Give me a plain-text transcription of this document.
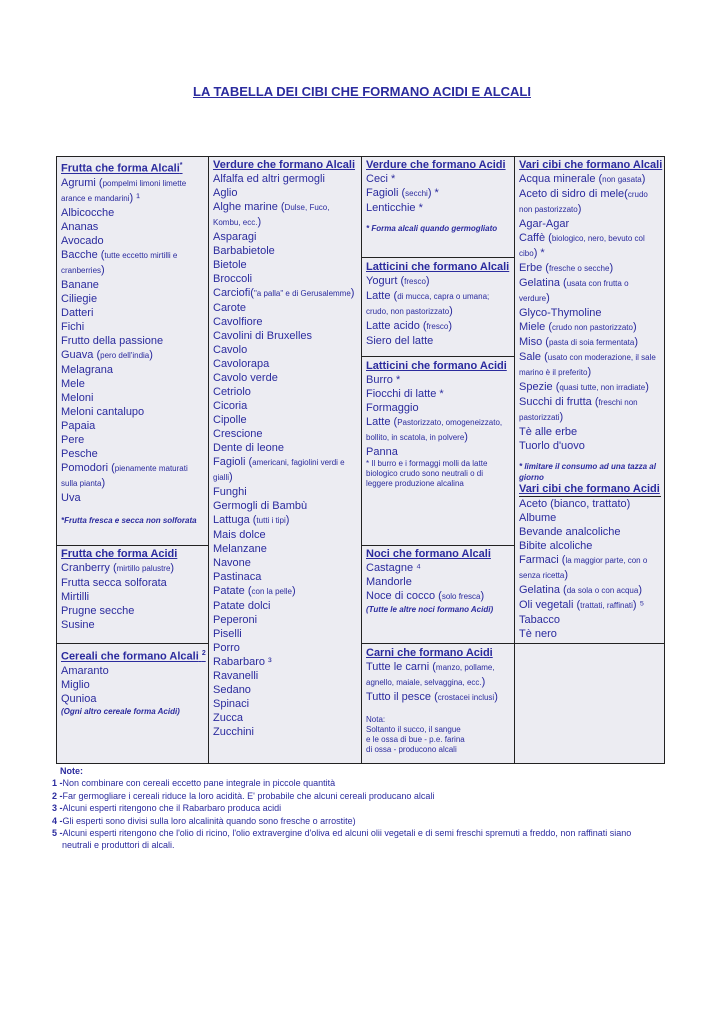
LA TABELLA DEI CIBI CHE FORMANO ACIDI E ALCALI
Frutta che forma Alcali*
Agrumi (pompelmi limoni limette arance e mandarini) ¹
Albicocche
Ananas
Avocado
Bacche (tutte eccetto mirtilli e cranberries)
Banane
Ciliegie
Datteri
Fichi
Frutto della passione
Guava (pero dell'india)
Melagrana
Mele
Meloni
Meloni cantalupo
Papaia
Pere
Pesche
Pomodori (pienamente maturati sulla pianta)
Uva
*Frutta fresca e secca non solforata
Frutta che forma Acidi
Cranberry (mirtillo palustre)
Frutta secca solforata
Mirtilli
Prugne secche
Susine
Cereali che formano Alcali $^2$
Amaranto
Miglio
Qunioa
(Ogni altro cereale forma Acidi)
Verdure che formano Alcali
Alfalfa ed altri germogli
Aglio
Alghe marine (Dulse, Fuco, Kombu, ecc.)
Asparagi
Barbabietole
Bietole
Broccoli
Carciofi("a palla" e di Gerusalemme)
Carote
Cavolfiore
Cavolini di Bruxelles
Cavolo
Cavolorapa
Cavolo verde
Cetriolo
Cicoria
Cipolle
Crescione
Dente di leone
Fagioli (americani, fagiolini verdi e gialli)
Funghi
Germogli di Bambù
Lattuga (tutti i tipi)
Mais dolce
Melanzane
Navone
Pastinaca
Patate (con la pelle)
Patate dolci
Peperoni
Piselli
Porro
Rabarbaro ³
Ravanelli
Sedano
Spinaci
Zucca
Zucchini
Verdure che formano Acidi
Ceci *
Fagioli (secchi) *
Lenticchie *
* Forma alcali quando germogliato
Latticini che formano Alcali
Yogurt (fresco)
Latte (di mucca, capra o umana; crudo, non pastorizzato)
Latte acido (fresco)
Siero del latte
Latticini che formano Acidi
Burro *
Fiocchi di latte *
Formaggio
Latte (Pastorizzato, omogeneizzato, bollito, in scatola, in polvere)
Panna
* Il burro e i formaggi molli da latte biologico crudo sono neutrali o di leggere produzione alcalina
Noci che formano Alcali
Castagne ⁴
Mandorle
Noce di cocco (solo fresca)
(Tutte le altre noci formano Acidi)
Carni che formano Acidi
Tutte le carni (manzo, pollame, agnello, maiale, selvaggina, ecc.)
Tutto il pesce (crostacei inclusi)
Nota:
Soltanto il succo, il sangue
e le ossa di bue - p.e. farina
di ossa - producono alcali
Vari cibi che formano Alcali
Acqua minerale (non gasata)
Aceto di sidro di mele(crudo non pastorizzato)
Agar-Agar
Caffè (biologico, nero, bevuto col cibo) *
Erbe (fresche o secche)
Gelatina (usata con frutta o verdure)
Glyco-Thymoline
Miele (crudo non pastorizzato)
Miso (pasta di soia fermentata)
Sale (usato con moderazione, il sale marino è il preferito)
Spezie (quasi tutte, non irradiate)
Succhi di frutta (freschi non pastorizzati)
Tè alle erbe
Tuorlo d'uovo
* limitare il consumo ad una tazza al giorno
Vari cibi che formano Acidi
Aceto (bianco, trattato)
Albume
Bevande analcoliche
Bibite alcoliche
Farmaci (la maggior parte, con o senza ricetta)
Gelatina (da sola o con acqua)
Oli vegetali (trattati, raffinati) ⁵
Tabacco
Tè nero
Note:
1 -Non combinare con cereali eccetto pane integrale in piccole quantità
2 -Far germogliare i cereali riduce la loro acidità. E' probabile che alcuni cereali producano alcali
3 -Alcuni esperti ritengono che il Rabarbaro produca acidi
4 -Gli esperti sono divisi sulla loro alcalinità quando sono fresche o arrostite)
5 -Alcuni esperti ritengono che l'olio di ricino, l'olio extravergine d'oliva ed alcuni olii vegetali e di semi freschi spremuti a freddo, non raffinati siano neutrali e produttori di alcali.
